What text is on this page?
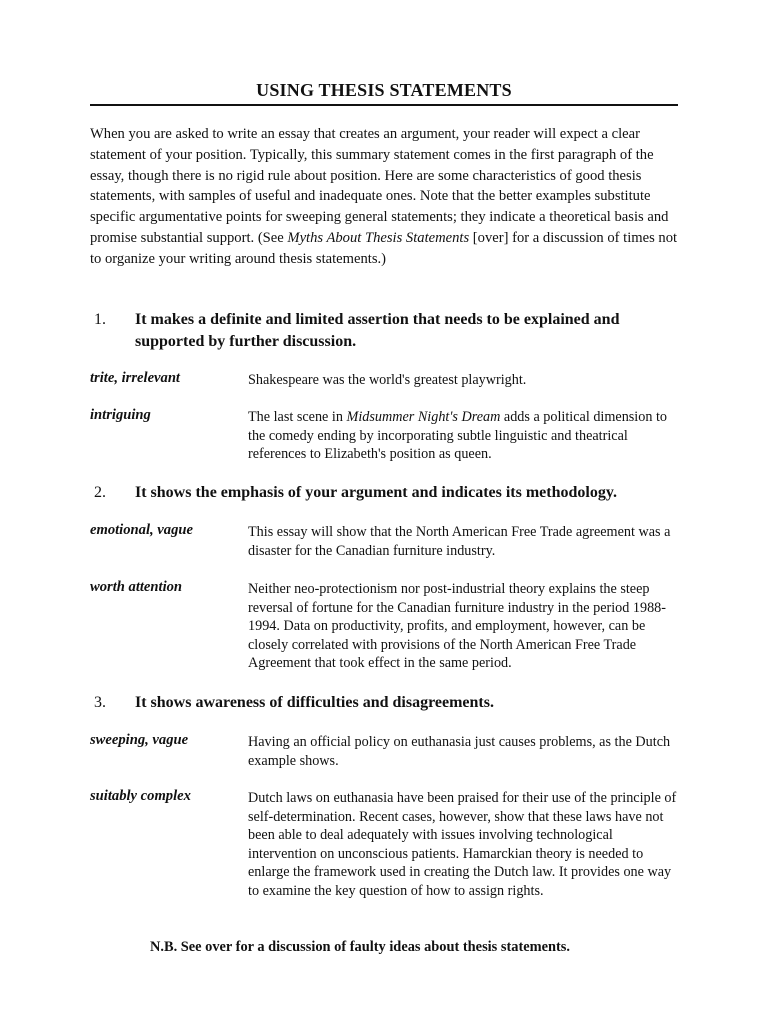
USING THESIS STATEMENTS

When you are asked to write an essay that creates an argument, your reader will expect a clear statement of your position. Typically, this summary statement comes in the first paragraph of the essay, though there is no rigid rule about position. Here are some characteristics of good thesis statements, with samples of useful and inadequate ones. Note that the better examples substitute specific argumentative points for sweeping general statements; they indicate a theoretical basis and promise substantial support. (See Myths About Thesis Statements [over] for a discussion of times not to organize your writing around thesis statements.)

1. It makes a definite and limited assertion that needs to be explained and supported by further discussion.
trite, irrelevant	Shakespeare was the world's greatest playwright.
intriguing	The last scene in Midsummer Night's Dream adds a political dimension to the comedy ending by incorporating subtle linguistic and theatrical references to Elizabeth's position as queen.
2. It shows the emphasis of your argument and indicates its methodology.
emotional, vague	This essay will show that the North American Free Trade agreement was a disaster for the Canadian furniture industry.
worth attention	Neither neo-protectionism nor post-industrial theory explains the steep reversal of fortune for the Canadian furniture industry in the period 1988-1994. Data on productivity, profits, and employment, however, can be closely correlated with provisions of the North American Free Trade Agreement that took effect in the same period.
3. It shows awareness of difficulties and disagreements.
sweeping, vague	Having an official policy on euthanasia just causes problems, as the Dutch example shows.
suitably complex	Dutch laws on euthanasia have been praised for their use of the principle of self-determination. Recent cases, however, show that these laws have not been able to deal adequately with issues involving technological intervention on unconscious patients. Hamarckian theory is needed to enlarge the framework used in creating the Dutch law. It provides one way to examine the key question of how to assign rights.
N.B. See over for a discussion of faulty ideas about thesis statements.
